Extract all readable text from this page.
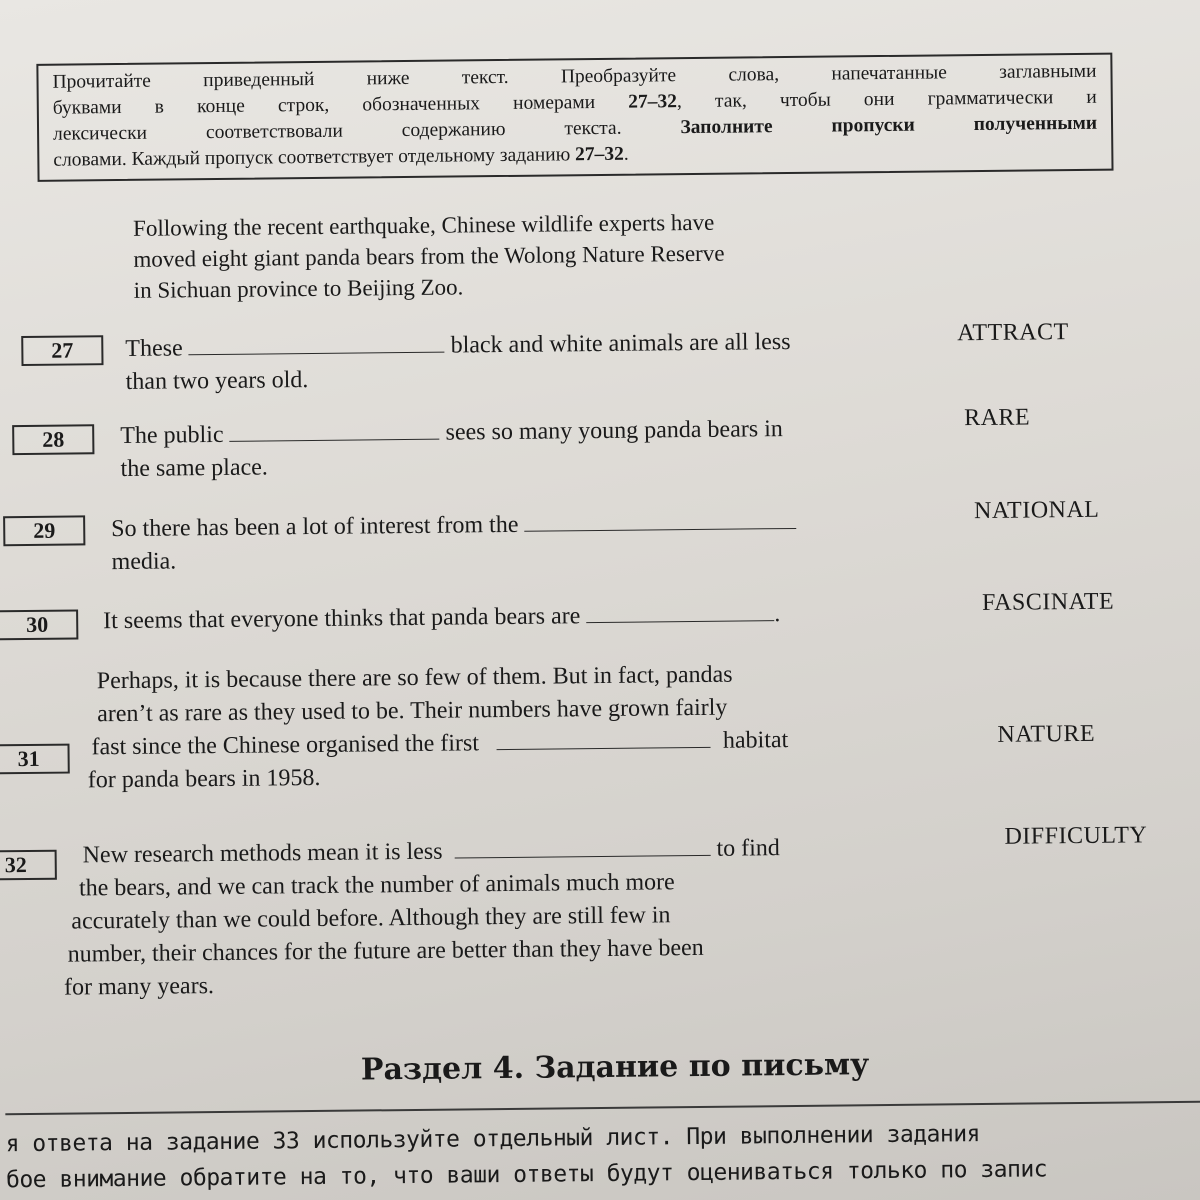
Прочитайте приведенный ниже текст. Преобразуйте слова, напечатанные заглавными
буквами в конце строк, обозначенных номерами 27–32, так, чтобы они грамматически и
лексически соответствовали содержанию текста. Заполните пропуски полученными
словами. Каждый пропуск соответствует отдельному заданию 27–32.
Following the recent earthquake, Chinese wildlife experts have
moved eight giant panda bears from the Wolong Nature Reserve
in Sichuan province to Beijing Zoo.
27	These	black and white animals are all less
than two years old.
ATTRACT
28	The public	sees so many young panda bears in
the same place.
RARE
29	So there has been a lot of interest from the
media.
NATIONAL
30	It seems that everyone thinks that panda bears are	.	FASCINATE
31
Perhaps, it is because there are so few of them. But in fact, pandas
aren’t as rare as they used to be. Their numbers have grown fairly
fast since the Chinese organised the first	habitat
for panda bears in 1958.
NATURE
32	New research methods mean it is less	to find
the bears, and we can track the number of animals much more
accurately than we could before. Although they are still few in
number, their chances for the future are better than they have been
for many years.
DIFFICULTY
Раздел 4. Задание по письму
я ответа на задание 33 используйте отдельный лист. При выполнении задания
бое внимание обратите на то, что ваши ответы будут оцениваться только по запис
